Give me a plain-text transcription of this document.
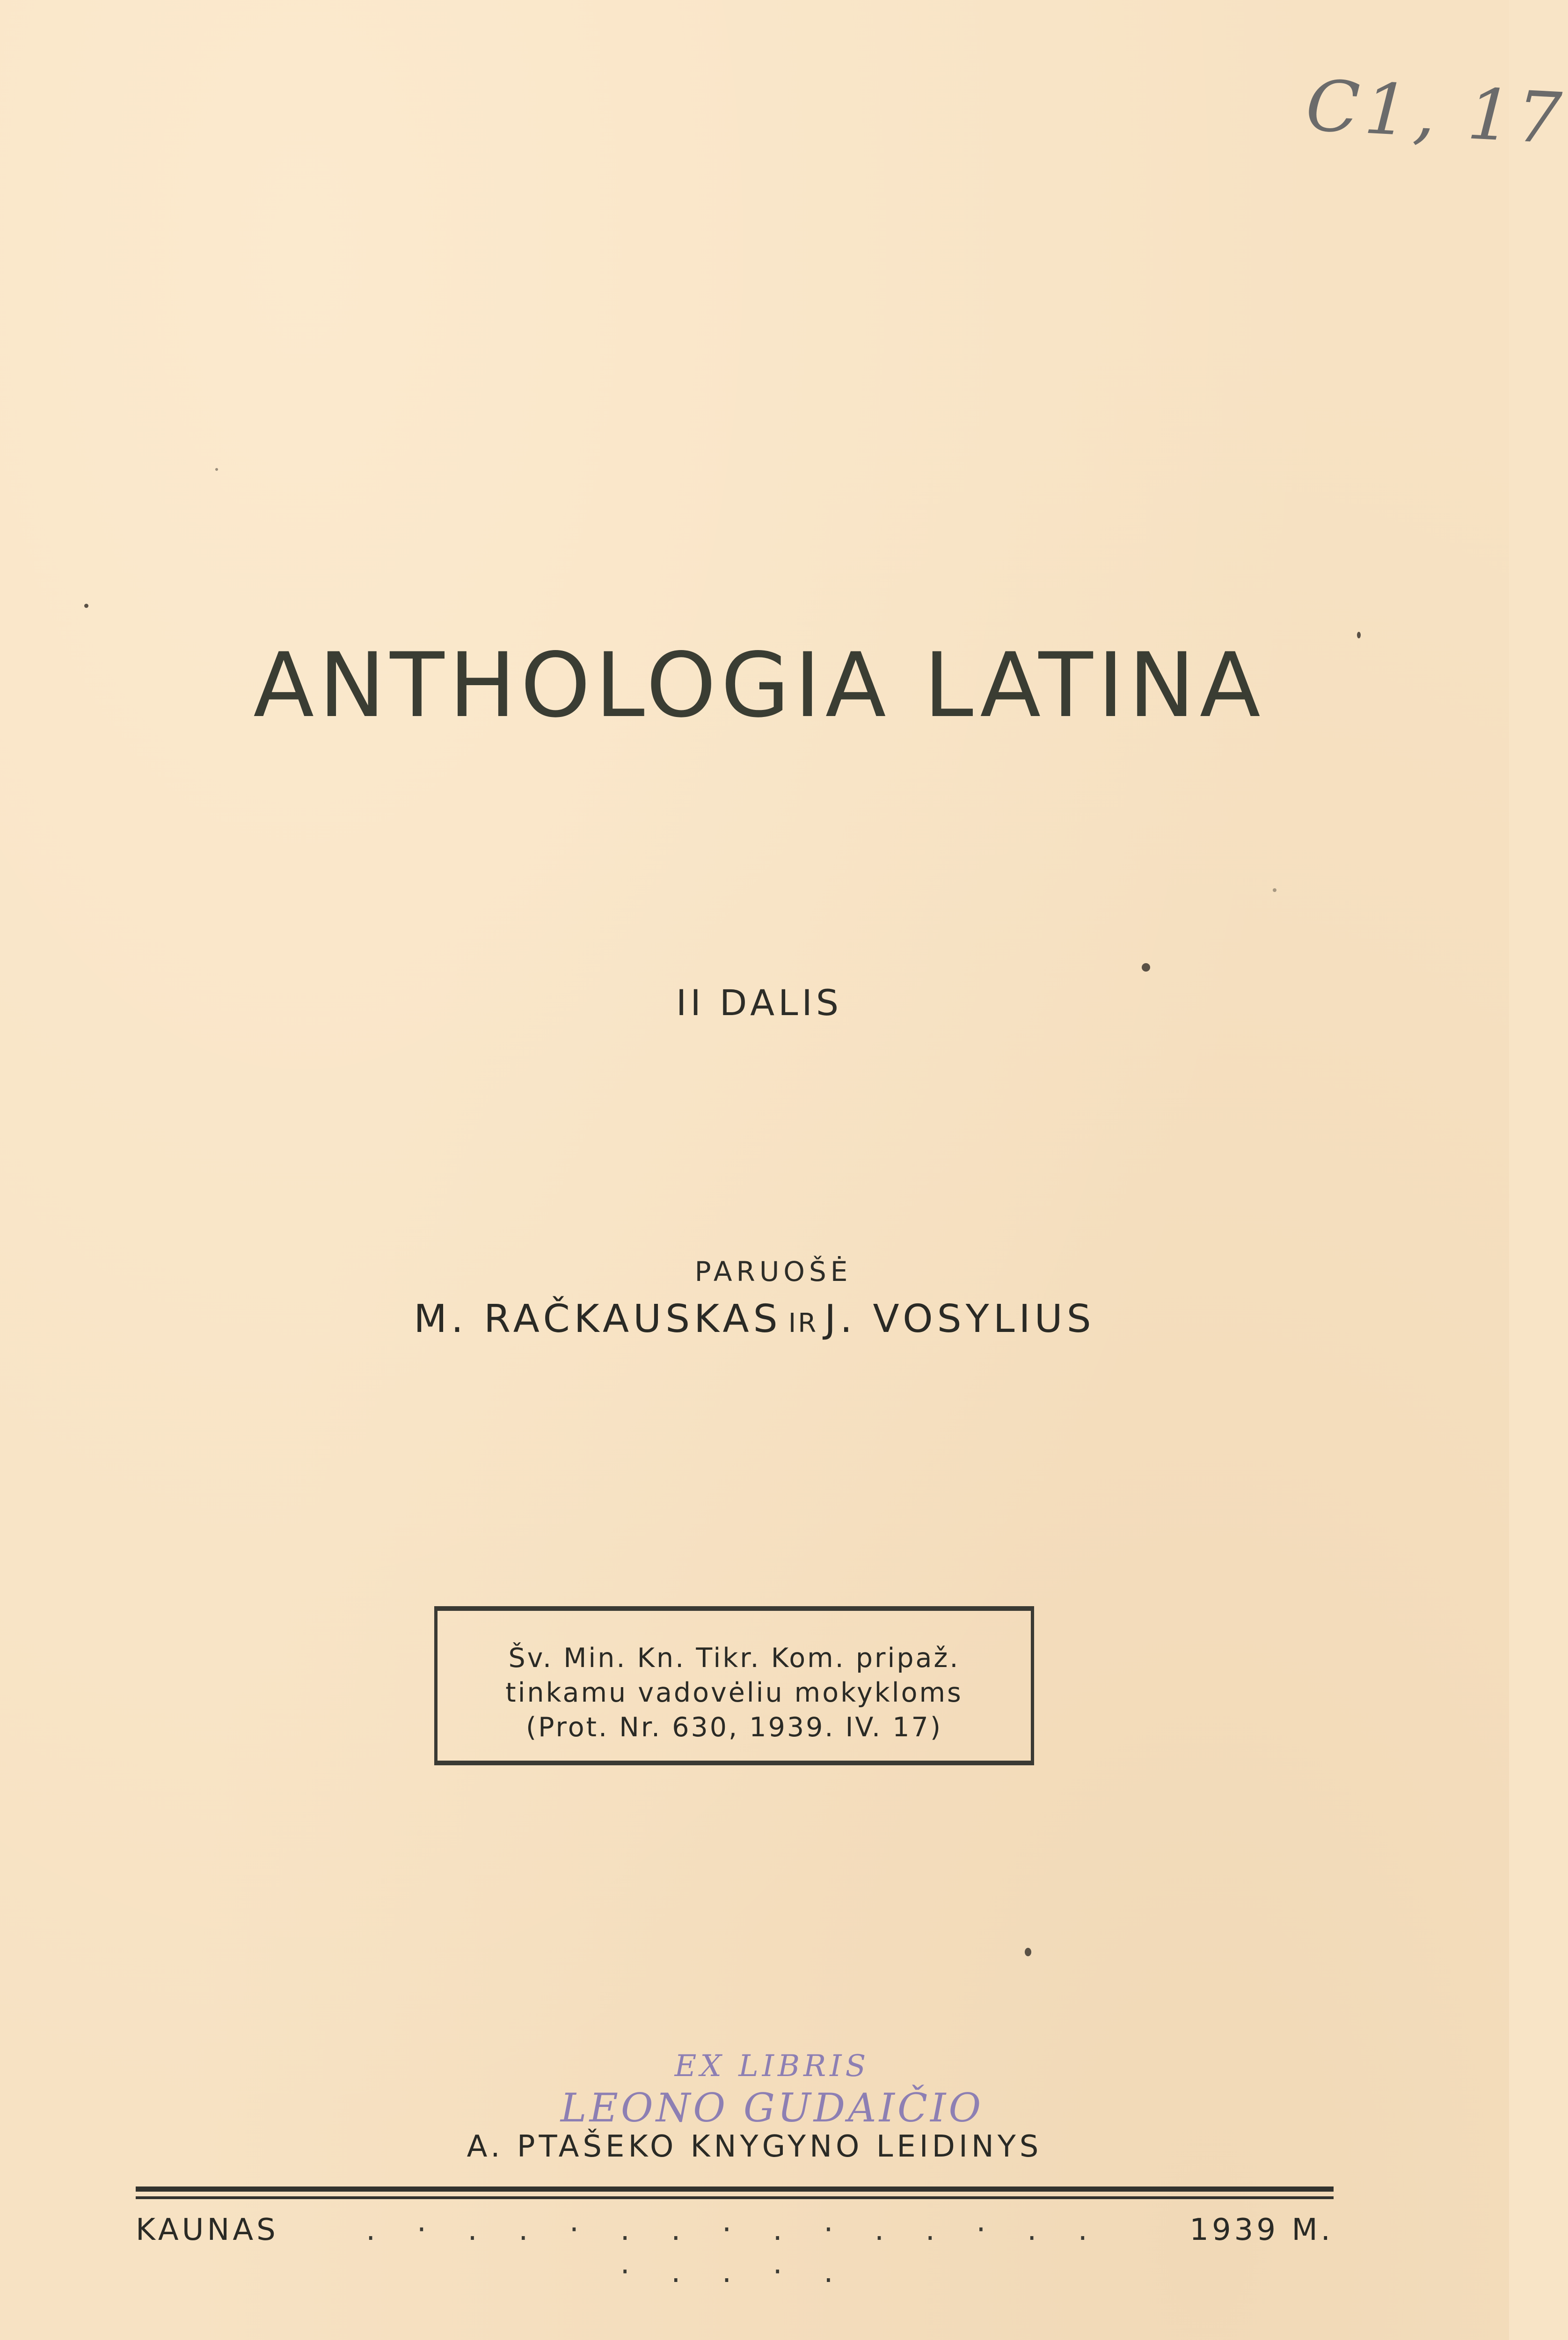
C1, 17
ANTHOLOGIA LATINA
II DALIS
PARUOŠĖ
M. RAČKAUSKAS IR J. VOSYLIUS
Šv. Min. Kn. Tikr. Kom. pripaž.
tinkamu vadovėliu mokykloms
(Prot. Nr. 630, 1939. IV. 17)
EX LIBRIS
LEONO GUDAIČIO
A. PTAŠEKO KNYGYNO LEIDINYS
KAUNAS	. · . . · . . · . · . . · . . · . . · .
1939 M.
